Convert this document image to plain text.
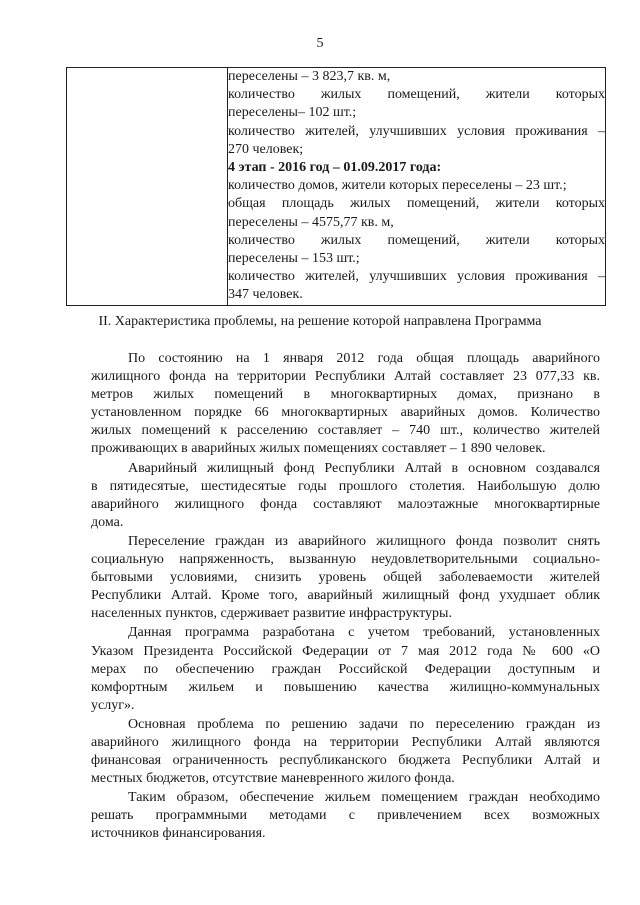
5

переселены – 3 823,7 кв. м,
количество жилых помещений, жители которых
переселены– 102 шт.;
количество жителей, улучшивших условия проживания –
270 человек;
4 этап - 2016 год – 01.09.2017 года:
количество домов, жители которых переселены – 23 шт.;
общая площадь жилых помещений, жители которых
переселены – 4575,77 кв. м,
количество жилых помещений, жители которых
переселены – 153 шт.;
количество жителей, улучшивших условия проживания –
347 человек.
II. Характеристика проблемы, на решение которой направлена Программа
По состоянию на 1 января 2012 года общая площадь аварийного
жилищного фонда на территории Республики Алтай составляет 23 077,33 кв.
метров жилых помещений в многоквартирных домах, признано в
установленном порядке 66 многоквартирных аварийных домов. Количество
жилых помещений к расселению составляет – 740 шт., количество жителей
проживающих в аварийных жилых помещениях составляет – 1 890 человек.
Аварийный жилищный фонд Республики Алтай в основном создавался
в пятидесятые, шестидесятые годы прошлого столетия. Наибольшую долю
аварийного жилищного фонда составляют малоэтажные многоквартирные
дома.
Переселение граждан из аварийного жилищного фонда позволит снять
социальную напряженность, вызванную неудовлетворительными социально-
бытовыми условиями, снизить уровень общей заболеваемости жителей
Республики Алтай. Кроме того, аварийный жилищный фонд ухудшает облик
населенных пунктов, сдерживает развитие инфраструктуры.
Данная программа разработана с учетом требований, установленных
Указом Президента Российской Федерации от 7 мая 2012 года № 600 «О
мерах по обеспечению граждан Российской Федерации доступным и
комфортным жильем и повышению качества жилищно-коммунальных
услуг».
Основная проблема по решению задачи по переселению граждан из
аварийного жилищного фонда на территории Республики Алтай являются
финансовая ограниченность республиканского бюджета Республики Алтай и
местных бюджетов, отсутствие маневренного жилого фонда.
Таким образом, обеспечение жильем помещением граждан необходимо
решать программными методами с привлечением всех возможных
источников финансирования.
